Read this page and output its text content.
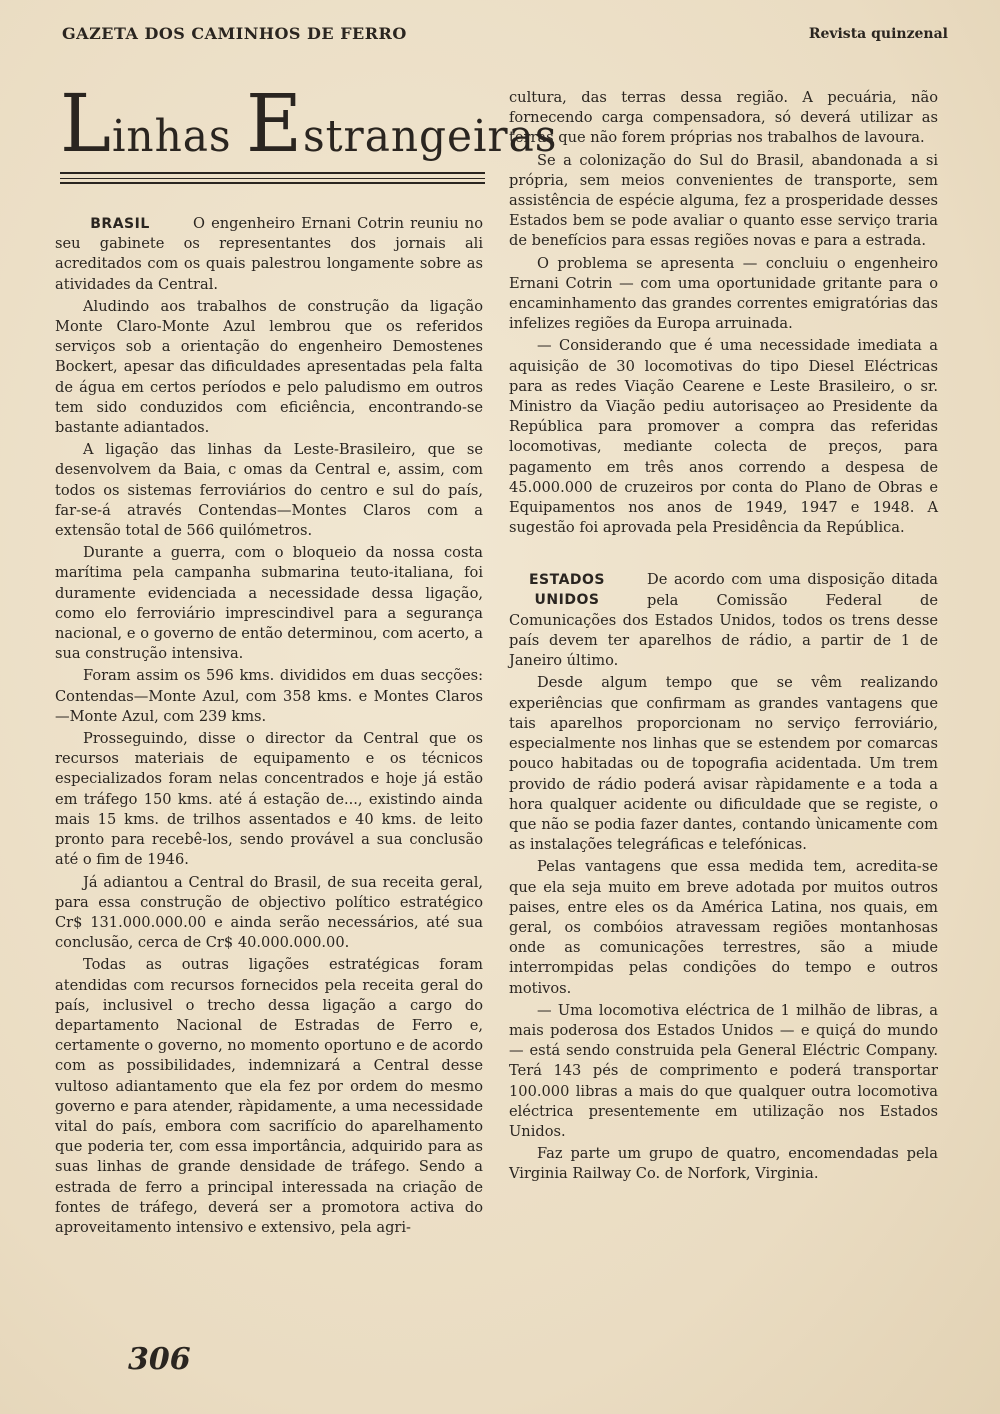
GAZETA DOS CAMINHOS DE FERRO	Revista quinzenal
Linhas Estrangeiras
BRASIL	O engenheiro Ernani Cotrin reuniu no seu gabinete os representantes dos jornais ali acreditados com os quais palestrou longamente sobre as atividades da Central.

Aludindo aos trabalhos de construção da ligação Monte Claro-Monte Azul lembrou que os referidos serviços sob a orientação do engenheiro Demostenes Bockert, apesar das dificuldades apresentadas pela falta de água em certos períodos e pelo paludismo em outros tem sido conduzidos com eficiência, encontrando-se bastante adiantados.

A ligação das linhas da Leste-Brasileiro, que se desenvolvem da Baia, c omas da Central e, assim, com todos os sistemas ferroviários do centro e sul do país, far-se-á através Contendas—Montes Claros com a extensão total de 566 quilómetros.

Durante a guerra, com o bloqueio da nossa costa marítima pela campanha submarina teuto-italiana, foi duramente evidenciada a necessidade dessa ligação, como elo ferroviário imprescindivel para a segurança nacional, e o governo de então determinou, com acerto, a sua construção intensiva.

Foram assim os 596 kms. divididos em duas secções: Contendas—Monte Azul, com 358 kms. e Montes Claros—Monte Azul, com 239 kms.

Prosseguindo, disse o director da Central que os recursos materiais de equipamento e os técnicos especializados foram nelas concentrados e hoje já estão em tráfego 150 kms. até á estação de..., existindo ainda mais 15 kms. de trilhos assentados e 40 kms. de leito pronto para recebê-los, sendo provável a sua conclusão até o fim de 1946.

Já adiantou a Central do Brasil, de sua receita geral, para essa construção de objectivo político estratégico Cr$ 131.000.000.00 e ainda serão necessários, até sua conclusão, cerca de Cr$ 40.000.000.00.

Todas as outras ligações estratégicas foram atendidas com recursos fornecidos pela receita geral do país, inclusivel o trecho dessa ligação a cargo do departamento Nacional de Estradas de Ferro e, certamente o governo, no momento oportuno e de acordo com as possibilidades, indemnizará a Central desse vultoso adiantamento que ela fez por ordem do mesmo governo e para atender, ràpidamente, a uma necessidade vital do país, embora com sacrifício do aparelhamento que poderia ter, com essa importância, adquirido para as suas linhas de grande densidade de tráfego. Sendo a estrada de ferro a principal interessada na criação de fontes de tráfego, deverá ser a promotora activa do aproveitamento intensivo e extensivo, pela agri-

cultura, das terras dessa região. A pecuária, não fornecendo carga compensadora, só deverá utilizar as terras que não forem próprias nos trabalhos de lavoura.

Se a colonização do Sul do Brasil, abandonada a si própria, sem meios convenientes de transporte, sem assistência de espécie alguma, fez a prosperidade desses Estados bem se pode avaliar o quanto esse serviço traria de benefícios para essas regiões novas e para a estrada.

O problema se apresenta — concluiu o engenheiro Ernani Cotrin — com uma oportunidade gritante para o encaminhamento das grandes correntes emigratórias das infelizes regiões da Europa arruinada.

— Considerando que é uma necessidade imediata a aquisição de 30 locomotivas do tipo Diesel Eléctricas para as redes Viação Cearene e Leste Brasileiro, o sr. Ministro da Viação pediu autorisaçeo ao Presidente da República para promover a compra das referidas locomotivas, mediante colecta de preços, para pagamento em três anos correndo a despesa de 45.000.000 de cruzeiros por conta do Plano de Obras e Equipamentos nos anos de 1949, 1947 e 1948. A sugestão foi aprovada pela Presidência da República.

ESTADOS
UNIDOS

De acordo com uma disposição ditada pela Comissão Federal de Comunicações dos Estados Unidos, todos os trens desse país devem ter aparelhos de rádio, a partir de 1 de Janeiro último.

Desde algum tempo que se vêm realizando experiências que confirmam as grandes vantagens que tais aparelhos proporcionam no serviço ferroviário, especialmente nos linhas que se estendem por comarcas pouco habitadas ou de topografia acidentada. Um trem provido de rádio poderá avisar ràpidamente e a toda a hora qualquer acidente ou dificuldade que se registe, o que não se podia fazer dantes, contando ùnicamente com as instalações telegráficas e telefónicas.

Pelas vantagens que essa medida tem, acredita-se que ela seja muito em breve adotada por muitos outros paises, entre eles os da América Latina, nos quais, em geral, os combóios atravessam regiões montanhosas onde as comunicações terrestres, são a miude interrompidas pelas condições do tempo e outros motivos.

— Uma locomotiva eléctrica de 1 milhão de libras, a mais poderosa dos Estados Unidos — e quiçá do mundo — está sendo construida pela General Eléctric Company. Terá 143 pés de comprimento e poderá transportar 100.000 libras a mais do que qualquer outra locomotiva eléctrica presentemente em utilização nos Estados Unidos.

Faz parte um grupo de quatro, encomendadas pela Virginia Railway Co. de Norfork, Virginia.

306
